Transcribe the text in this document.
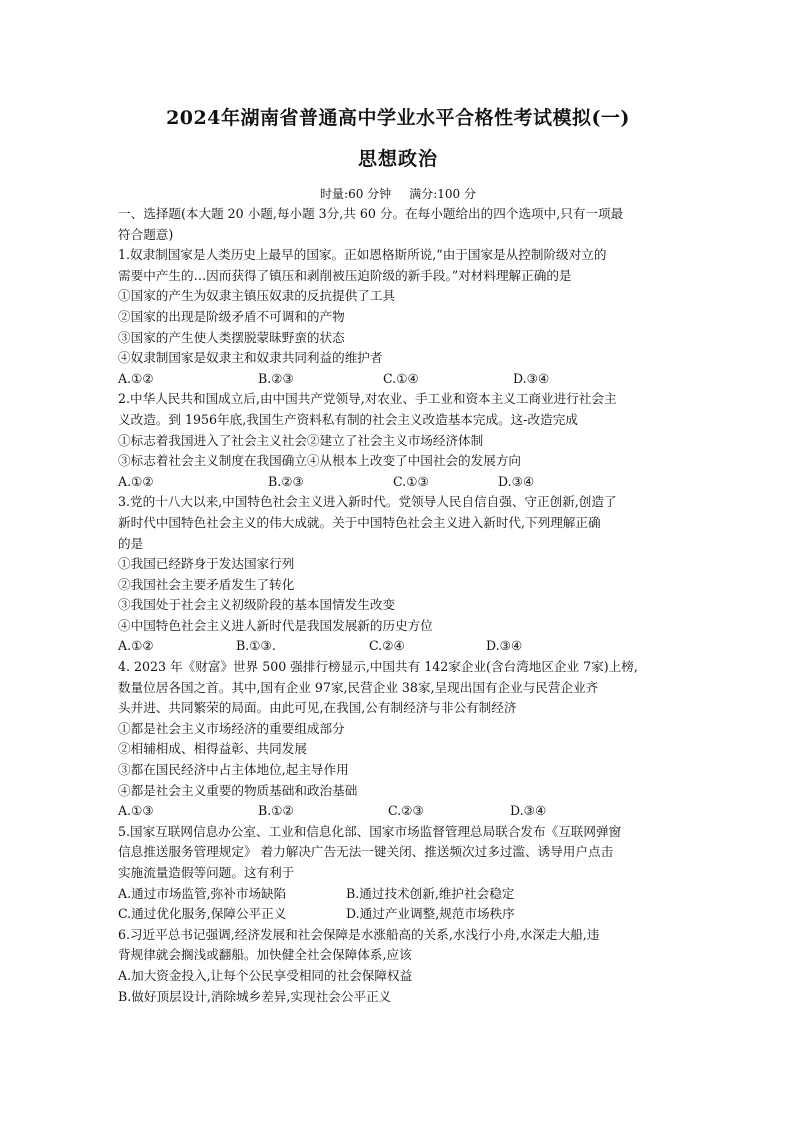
2024年湖南省普通高中学业水平合格性考试模拟(一)
思想政治
时量:60 分钟 满分:100 分
一、选择题(本大题 20 小题,每小题 3分,共 60 分。在每小题给出的四个选项中,只有一项最
符合题意)
1.奴隶制国家是人类历史上最早的国家。正如恩格斯所说,“由于国家是从控制阶级对立的
需要中产生的…因而获得了镇压和剥削被压迫阶级的新手段。”对材料理解正确的是
①国家的产生为奴隶主镇压奴隶的反抗提供了工具
②国家的出现是阶级矛盾不可调和的产物
③国家的产生使人类摆脱蒙昧野蛮的状态
④奴隶制国家是奴隶主和奴隶共同利益的维护者
A.①②	B.②③	C.①④	D.③④
2.中华人民共和国成立后,由中国共产党领导,对农业、手工业和资本主义工商业进行社会主
义改造。到 1956年底,我国生产资料私有制的社会主义改造基本完成。这-改造完成
①标志着我国进入了社会主义社会②建立了社会主义市场经济体制
③标志着社会主义制度在我国确立④从根本上改变了中国社会的发展方向
A.①②	B.②③	C.①③	D.③④
3.党的十八大以来,中国特色社会主义进入新时代。党领导人民自信自强、守正创新,创造了
新时代中国特色社会主义的伟大成就。关于中国特色社会主义进入新时代,下列理解正确
的是
①我国已经跻身于发达国家行列
②我国社会主要矛盾发生了转化
③我国处于社会主义初级阶段的基本国情发生改变
④中国特色社会主义进人新时代是我国发展新的历史方位
A.①②	B.①③.	C.②④	D.③④
4. 2023 年《财富》世界 500 强排行榜显示,中国共有 142家企业(含台湾地区企业 7家)上榜,
数量位居各国之首。其中,国有企业 97家,民营企业 38家,呈现出国有企业与民营企业齐
头并进、共同繁荣的局面。由此可见,在我国,公有制经济与非公有制经济
①都是社会主义市场经济的重要组成部分
②相辅相成、相得益彰、共同发展
③都在国民经济中占主体地位,起主导作用
④都是社会主义重要的物质基础和政治基础
A.①③	B.①②	C.②③	D.③④
5.国家互联网信息办公室、工业和信息化部、国家市场监督管理总局联合发布《互联网弹窗
信息推送服务管理规定》 着力解决广告无法一键关闭、推送频次过多过滥、诱导用户点击
实施流量造假等问题。这有利于
A.通过市场监管,弥补市场缺陷	B.通过技术创新,维护社会稳定
C.通过优化服务,保障公平正义	D.通过产业调整,规范市场秩序
6.习近平总书记强调,经济发展和社会保障是水涨船高的关系,水浅行小舟,水深走大船,违
背规律就会搁浅或翻船。加快健全社会保障体系,应该
A.加大资金投入,让每个公民享受相同的社会保障权益
B.做好顶层设计,消除城乡差异,实现社会公平正义
